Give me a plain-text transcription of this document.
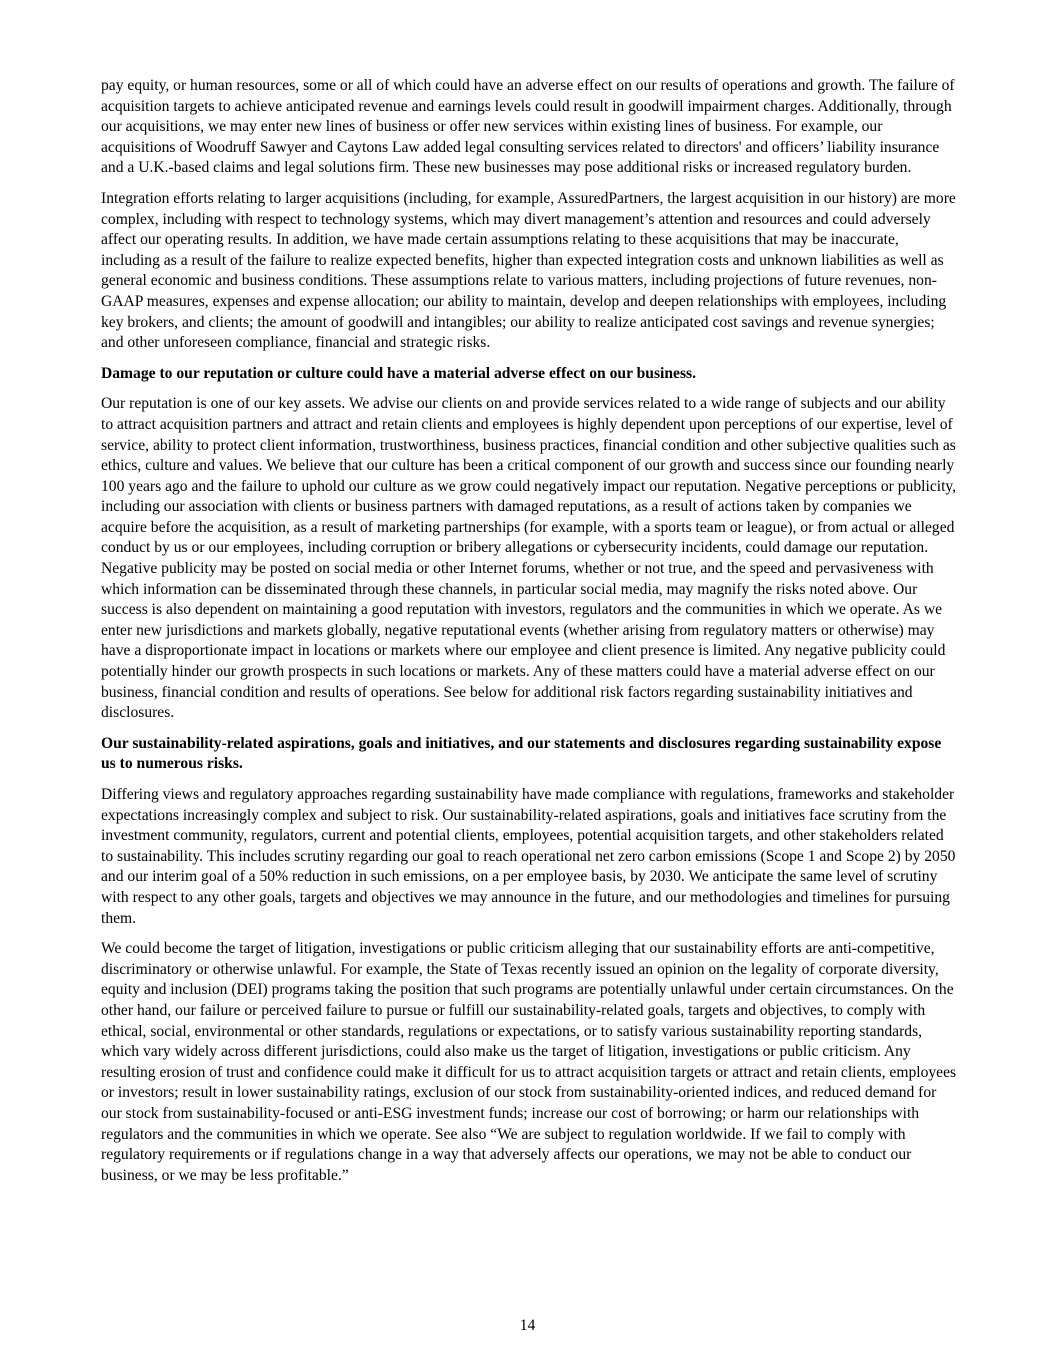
pay equity, or human resources, some or all of which could have an adverse effect on our results of operations and growth. The failure of acquisition targets to achieve anticipated revenue and earnings levels could result in goodwill impairment charges. Additionally, through our acquisitions, we may enter new lines of business or offer new services within existing lines of business. For example, our acquisitions of Woodruff Sawyer and Caytons Law added legal consulting services related to directors' and officers’ liability insurance and a U.K.-based claims and legal solutions firm. These new businesses may pose additional risks or increased regulatory burden.

Integration efforts relating to larger acquisitions (including, for example, AssuredPartners, the largest acquisition in our history) are more complex, including with respect to technology systems, which may divert management’s attention and resources and could adversely affect our operating results. In addition, we have made certain assumptions relating to these acquisitions that may be inaccurate, including as a result of the failure to realize expected benefits, higher than expected integration costs and unknown liabilities as well as general economic and business conditions. These assumptions relate to various matters, including projections of future revenues, non-GAAP measures, expenses and expense allocation; our ability to maintain, develop and deepen relationships with employees, including key brokers, and clients; the amount of goodwill and intangibles; our ability to realize anticipated cost savings and revenue synergies; and other unforeseen compliance, financial and strategic risks.

Damage to our reputation or culture could have a material adverse effect on our business.

Our reputation is one of our key assets. We advise our clients on and provide services related to a wide range of subjects and our ability to attract acquisition partners and attract and retain clients and employees is highly dependent upon perceptions of our expertise, level of service, ability to protect client information, trustworthiness, business practices, financial condition and other subjective qualities such as ethics, culture and values. We believe that our culture has been a critical component of our growth and success since our founding nearly 100 years ago and the failure to uphold our culture as we grow could negatively impact our reputation. Negative perceptions or publicity, including our association with clients or business partners with damaged reputations, as a result of actions taken by companies we acquire before the acquisition, as a result of marketing partnerships (for example, with a sports team or league), or from actual or alleged conduct by us or our employees, including corruption or bribery allegations or cybersecurity incidents, could damage our reputation. Negative publicity may be posted on social media or other Internet forums, whether or not true, and the speed and pervasiveness with which information can be disseminated through these channels, in particular social media, may magnify the risks noted above. Our success is also dependent on maintaining a good reputation with investors, regulators and the communities in which we operate. As we enter new jurisdictions and markets globally, negative reputational events (whether arising from regulatory matters or otherwise) may have a disproportionate impact in locations or markets where our employee and client presence is limited. Any negative publicity could potentially hinder our growth prospects in such locations or markets. Any of these matters could have a material adverse effect on our business, financial condition and results of operations. See below for additional risk factors regarding sustainability initiatives and disclosures.

Our sustainability-related aspirations, goals and initiatives, and our statements and disclosures regarding sustainability expose us to numerous risks.

Differing views and regulatory approaches regarding sustainability have made compliance with regulations, frameworks and stakeholder expectations increasingly complex and subject to risk. Our sustainability-related aspirations, goals and initiatives face scrutiny from the investment community, regulators, current and potential clients, employees, potential acquisition targets, and other stakeholders related to sustainability. This includes scrutiny regarding our goal to reach operational net zero carbon emissions (Scope 1 and Scope 2) by 2050 and our interim goal of a 50% reduction in such emissions, on a per employee basis, by 2030. We anticipate the same level of scrutiny with respect to any other goals, targets and objectives we may announce in the future, and our methodologies and timelines for pursuing them.

We could become the target of litigation, investigations or public criticism alleging that our sustainability efforts are anti-competitive, discriminatory or otherwise unlawful. For example, the State of Texas recently issued an opinion on the legality of corporate diversity, equity and inclusion (DEI) programs taking the position that such programs are potentially unlawful under certain circumstances. On the other hand, our failure or perceived failure to pursue or fulfill our sustainability-related goals, targets and objectives, to comply with ethical, social, environmental or other standards, regulations or expectations, or to satisfy various sustainability reporting standards, which vary widely across different jurisdictions, could also make us the target of litigation, investigations or public criticism. Any resulting erosion of trust and confidence could make it difficult for us to attract acquisition targets or attract and retain clients, employees or investors; result in lower sustainability ratings, exclusion of our stock from sustainability-oriented indices, and reduced demand for our stock from sustainability-focused or anti-ESG investment funds; increase our cost of borrowing; or harm our relationships with regulators and the communities in which we operate. See also “We are subject to regulation worldwide. If we fail to comply with regulatory requirements or if regulations change in a way that adversely affects our operations, we may not be able to conduct our business, or we may be less profitable.”

14
